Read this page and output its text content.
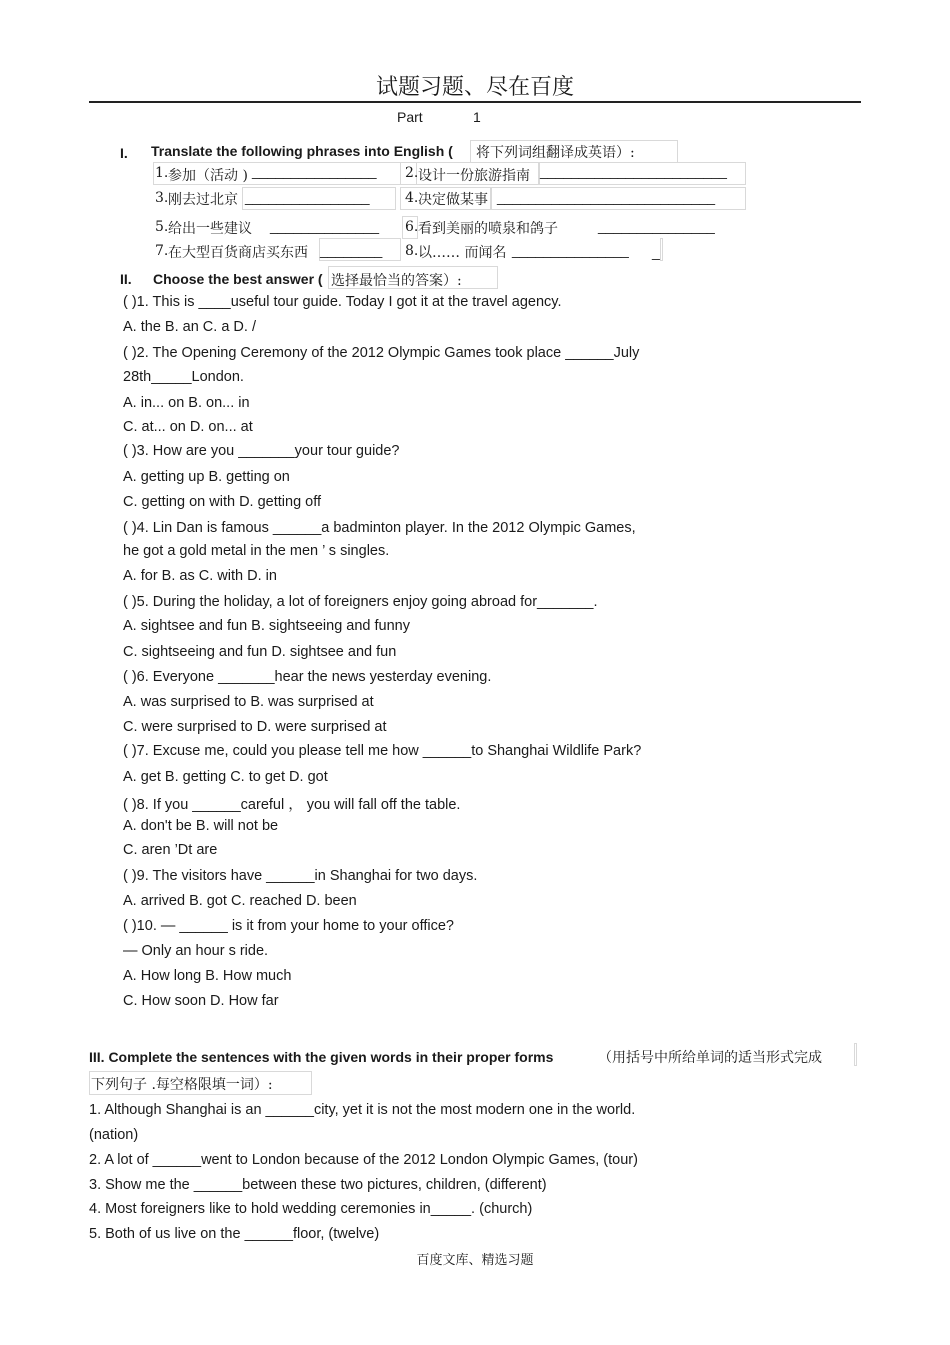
试题习题、尽在百度
Part	1
I. Translate the following phrases into English ( 将下列词组翻译成英语）:
1. 参加（活动 ) ________________ 2. 设计一份旅游指南 ________________________
3. 刚去过北京 ________________	4. 决定做某事 ____________________________
5. 给出一些建议 ______________ 6. 看到美丽的喷泉和鸽子	_______________
7. 在大型百货商店买东西 ________ 8. 以…… 而闻名 _______________ _
II. Choose the best answer ( 选择最恰当的答案）:
( )1. This is ____useful tour guide. Today I got it at the travel agency.
A. the B. an C. a D. /
( )2. The Opening Ceremony of the 2012 Olympic Games took place ______July
28th_____London.
A. in... on B. on... in
C. at... on D. on... at
( )3. How are you _______your tour guide?
A. getting up B. getting on
C. getting on with D. getting off
( )4. Lin Dan is famous ______a badminton player. In the 2012 Olympic Games,
he got a gold metal in the men ’ s singles.
A. for B. as C. with D. in
( )5. During the holiday, a lot of foreigners enjoy going abroad for_______.
A. sightsee and fun B. sightseeing and funny
C. sightseeing and fun D. sightsee and fun
( )6. Everyone _______hear the news yesterday evening.
A. was surprised to B. was surprised at
C. were surprised to D. were surprised at
( )7. Excuse me, could you please tell me how ______to Shanghai Wildlife Park?
A. get B. getting C. to get D. got
( )8. If you ______careful ， you will fall off the table.
A. don't be B. will not be
C. aren ’Dt are
( )9. The visitors have ______in Shanghai for two days.
A. arrived B. got C. reached D. been
( )10. — ______ is it from your home to your office?
— Only an hour s ride.
A. How long B. How much
C. How soon D. How far
III. Complete the sentences with the given words in their proper forms	（用括号中所给单词的适当形式完成
下列句子 .每空格限填一词）:
1. Although Shanghai is an ______city, yet it is not the most modern one in the world.
(nation)
2. A lot of ______went to London because of the 2012 London Olympic Games, (tour)
3. Show me the ______between these two pictures, children, (different)
4. Most foreigners like to hold wedding ceremonies in_____. (church)
5. Both of us live on the ______floor, (twelve)
百度文库、精选习题
